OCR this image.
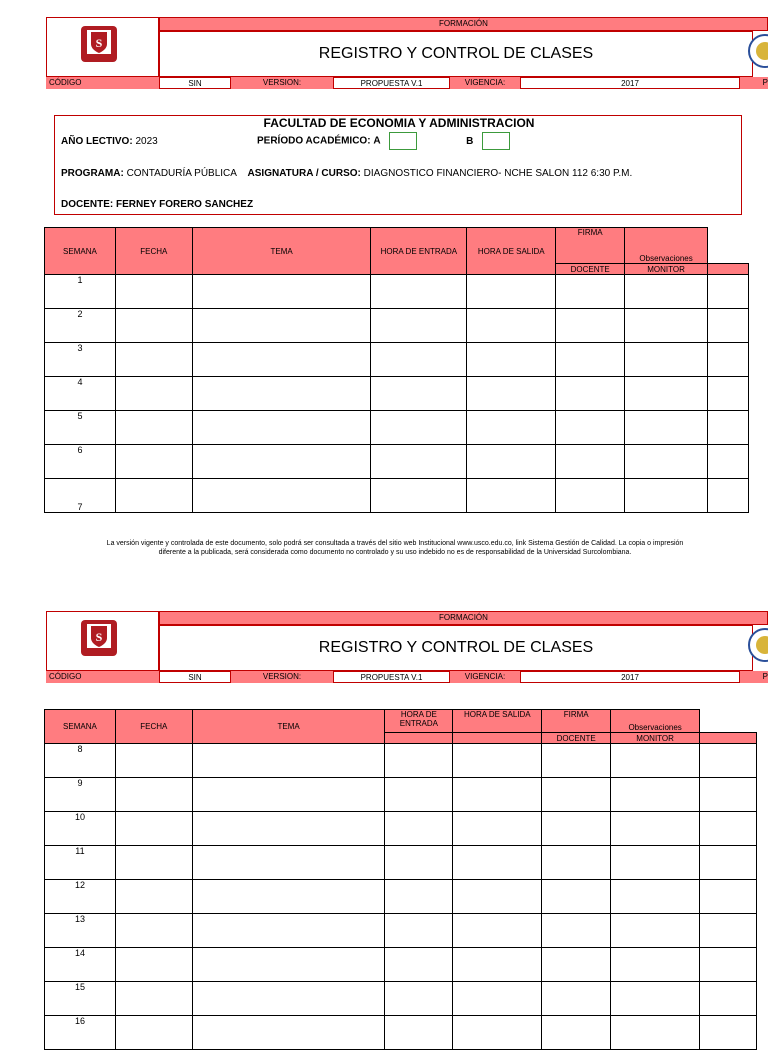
S
FORMACIÓN
REGISTRO Y CONTROL DE CLASES
CÓDIGO	SIN	VERSION:	PROPUESTA V.1	VIGENCIA:	2017	P
FACULTAD DE ECONOMIA Y ADMINISTRACION
AÑO LECTIVO: 2023	PERÍODO ACADÉMICO: A	B
PROGRAMA: CONTADURÍA PÚBLICA ASIGNATURA / CURSO: DIAGNOSTICO FINANCIERO- NCHE SALON 112 6:30 P.M.
DOCENTE: FERNEY FORERO SANCHEZ
SEMANA	FECHA	TEMA	HORA DE ENTRADA	HORA DE SALIDA	FIRMA	Observaciones	
					DOCENTE	MONITOR	
1							
2							
3							
4							
5							
6							
7							
La versión vigente y controlada de este documento, solo podrá ser consultada a través del sitio web Institucional www.usco.edu.co, link Sistema Gestión de Calidad. La copia o impresión
diferente a la publicada, será considerada como documento no controlado y su uso indebido no es de responsabilidad de la Universidad Surcolombiana.
S
FORMACIÓN
REGISTRO Y CONTROL DE CLASES
CÓDIGO	SIN	VERSION:	PROPUESTA V.1	VIGENCIA:	2017	P
SEMANA	FECHA	TEMA	HORA DE ENTRADA	HORA DE SALIDA	FIRMA	Observaciones	
					DOCENTE	MONITOR	
8							
9							
10							
11							
12							
13							
14							
15							
16							
